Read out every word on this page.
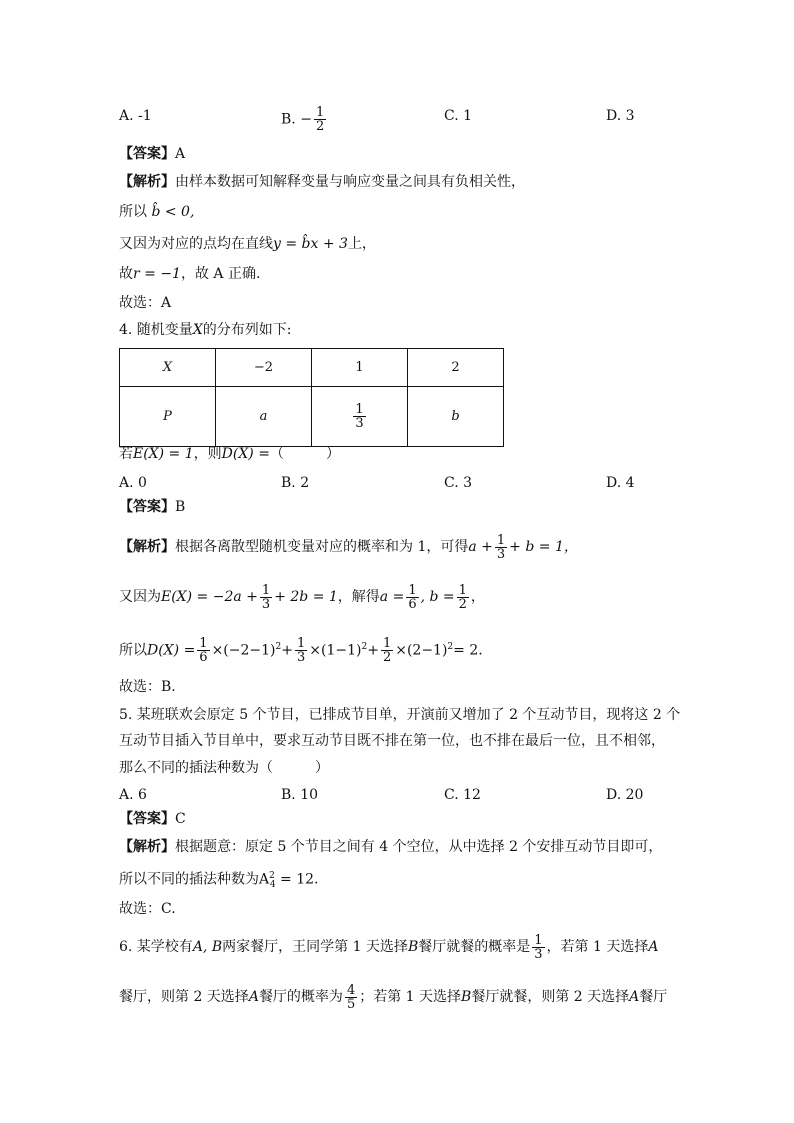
A. -1	B. − $\frac{1}{2}$	C. 1	D. 3
【答案】A
【解析】由样本数据可知解释变量与响应变量之间具有负相关性，
所以 b̂ < 0,
又因为对应的点均在直线y = b̂x + 3上，
故r = −1，故 A 正确.
故选：A
4. 随机变量X的分布列如下:
X	−2	1	2
P	a	$\frac{1}{3}$	b
若E(X) = 1，则D(X) =（　　　）
A. 0	B. 2	C. 3	D. 4
【答案】B
【解析】根据各离散型随机变量对应的概率和为 1，可得$a + \frac{1}{3} + b = 1$，
又因为$E(X) = -2a + \frac{1}{3} + 2b = 1$，解得$a = \frac{1}{6}$ , $b = \frac{1}{2}$ ，
所以$D(X) = \frac{1}{6} \times(-2-1)^2+ \frac{1}{3} \times(1-1)^2+ \frac{1}{2} \times(2-1)^2= 2$.
故选：B.
5. 某班联欢会原定 5 个节目，已排成节目单，开演前又增加了 2 个互动节目，现将这 2 个
互动节目插入节目单中，要求互动节目既不排在第一位，也不排在最后一位，且不相邻，
那么不同的插法种数为（　　　）
A. 6	B. 10	C. 12	D. 20
【答案】C
【解析】根据题意：原定 5 个节目之间有 4 个空位，从中选择 2 个安排互动节目即可，
所以不同的插法种数为$A^2_4 = 12$.
故选：C.
6. 某学校有A, B两家餐厅，王同学第 1 天选择B餐厅就餐的概率是 $\frac{1}{3}$ ，若第 1 天选择A
餐厅，则第 2 天选择A餐厅的概率为 $\frac{4}{5}$ ；若第 1 天选择B餐厅就餐，则第 2 天选择A餐厅
